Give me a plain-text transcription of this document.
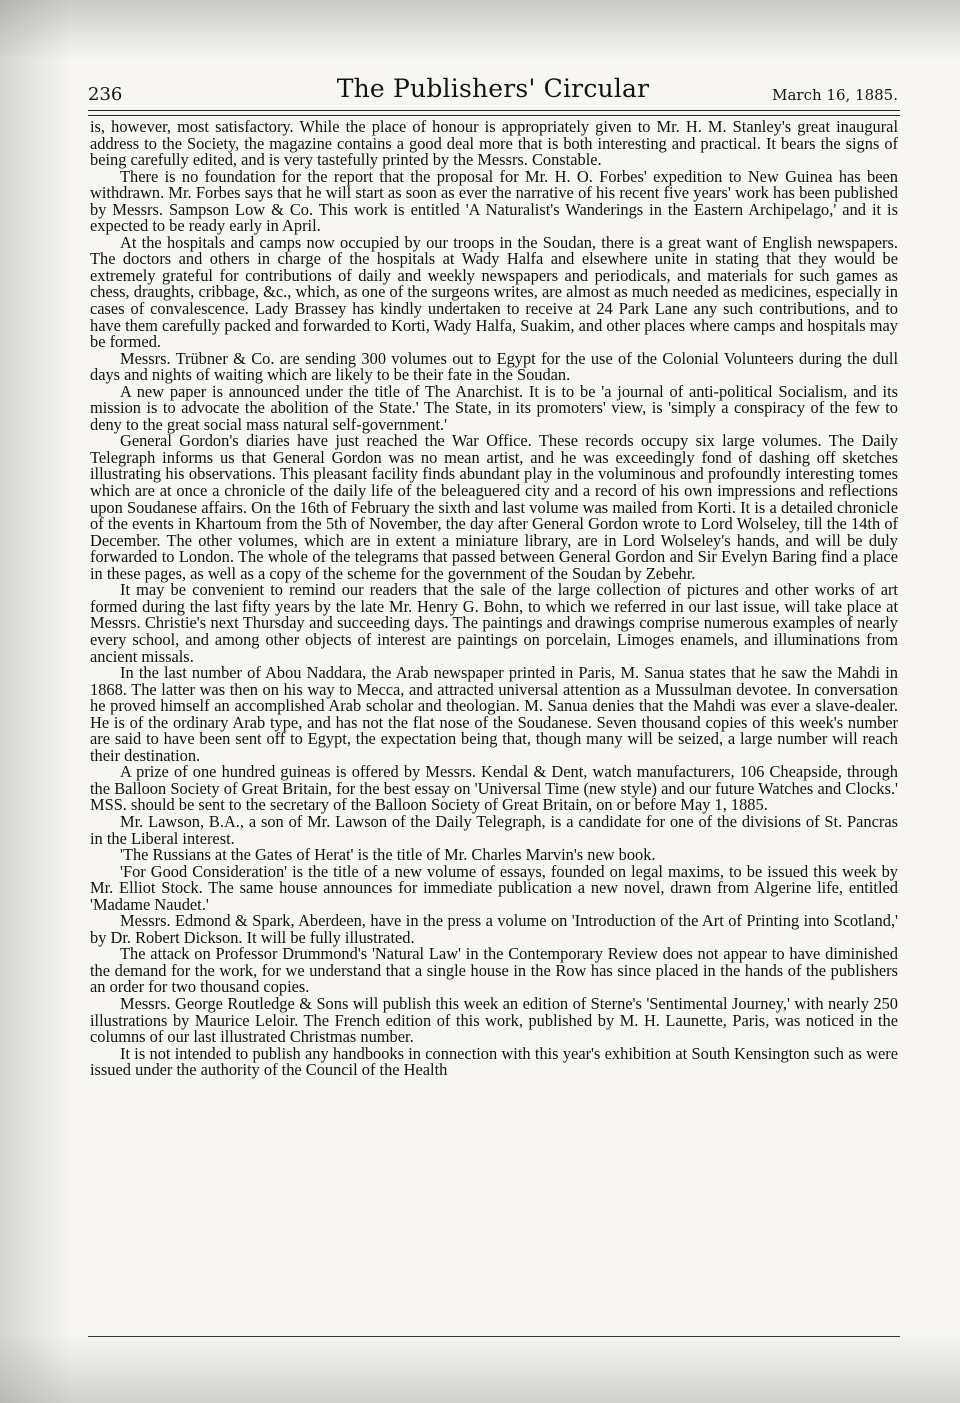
236	The Publishers' Circular	March 16, 1885.

is, however, most satisfactory. While the place of honour is appropriately given to Mr. H. M. Stanley's great inaugural address to the Society, the magazine contains a good deal more that is both interesting and practical. It bears the signs of being carefully edited, and is very tastefully printed by the Messrs. Constable.

There is no foundation for the report that the proposal for Mr. H. O. Forbes' expedition to New Guinea has been withdrawn. Mr. Forbes says that he will start as soon as ever the narrative of his recent five years' work has been published by Messrs. Sampson Low & Co. This work is entitled 'A Naturalist's Wanderings in the Eastern Archipelago,' and it is expected to be ready early in April.

At the hospitals and camps now occupied by our troops in the Soudan, there is a great want of English newspapers. The doctors and others in charge of the hospitals at Wady Halfa and elsewhere unite in stating that they would be extremely grateful for contributions of daily and weekly newspapers and periodicals, and materials for such games as chess, draughts, cribbage, &c., which, as one of the surgeons writes, are almost as much needed as medicines, especially in cases of convalescence. Lady Brassey has kindly undertaken to receive at 24 Park Lane any such contributions, and to have them carefully packed and forwarded to Korti, Wady Halfa, Suakim, and other places where camps and hospitals may be formed.

Messrs. Trübner & Co. are sending 300 volumes out to Egypt for the use of the Colonial Volunteers during the dull days and nights of waiting which are likely to be their fate in the Soudan.

A new paper is announced under the title of The Anarchist. It is to be 'a journal of anti-political Socialism, and its mission is to advocate the abolition of the State.' The State, in its promoters' view, is 'simply a conspiracy of the few to deny to the great social mass natural self-government.'

General Gordon's diaries have just reached the War Office. These records occupy six large volumes. The Daily Telegraph informs us that General Gordon was no mean artist, and he was exceedingly fond of dashing off sketches illustrating his observations. This pleasant facility finds abundant play in the voluminous and profoundly interesting tomes which are at once a chronicle of the daily life of the beleaguered city and a record of his own impressions and reflections upon Soudanese affairs. On the 16th of February the sixth and last volume was mailed from Korti. It is a detailed chronicle of the events in Khartoum from the 5th of November, the day after General Gordon wrote to Lord Wolseley, till the 14th of December. The other volumes, which are in extent a miniature library, are in Lord Wolseley's hands, and will be duly forwarded to London. The whole of the telegrams that passed between General Gordon and Sir Evelyn Baring find a place in these pages, as well as a copy of the scheme for the government of the Soudan by Zebehr.

It may be convenient to remind our readers that the sale of the large collection of pictures and other works of art formed during the last fifty years by the late Mr. Henry G. Bohn, to which we referred in our last issue, will take place at Messrs. Christie's next Thursday and succeeding days. The paintings and drawings comprise numerous examples of nearly every school, and among other objects of interest are paintings on porcelain, Limoges enamels, and illuminations from ancient missals.

In the last number of Abou Naddara, the Arab newspaper printed in Paris, M. Sanua states that he saw the Mahdi in 1868. The latter was then on his way to Mecca, and attracted universal attention as a Mussulman devotee. In conversation he proved himself an accomplished Arab scholar and theologian. M. Sanua denies that the Mahdi was ever a slave-dealer. He is of the ordinary Arab type, and has not the flat nose of the Soudanese. Seven thousand copies of this week's number are said to have been sent off to Egypt, the expectation being that, though many will be seized, a large number will reach their destination.

A prize of one hundred guineas is offered by Messrs. Kendal & Dent, watch manufacturers, 106 Cheapside, through the Balloon Society of Great Britain, for the best essay on 'Universal Time (new style) and our future Watches and Clocks.' MSS. should be sent to the secretary of the Balloon Society of Great Britain, on or before May 1, 1885.

Mr. Lawson, B.A., a son of Mr. Lawson of the Daily Telegraph, is a candidate for one of the divisions of St. Pancras in the Liberal interest.

'The Russians at the Gates of Herat' is the title of Mr. Charles Marvin's new book.

'For Good Consideration' is the title of a new volume of essays, founded on legal maxims, to be issued this week by Mr. Elliot Stock. The same house announces for immediate publication a new novel, drawn from Algerine life, entitled 'Madame Naudet.'

Messrs. Edmond & Spark, Aberdeen, have in the press a volume on 'Introduction of the Art of Printing into Scotland,' by Dr. Robert Dickson. It will be fully illustrated.

The attack on Professor Drummond's 'Natural Law' in the Contemporary Review does not appear to have diminished the demand for the work, for we understand that a single house in the Row has since placed in the hands of the publishers an order for two thousand copies.

Messrs. George Routledge & Sons will publish this week an edition of Sterne's 'Sentimental Journey,' with nearly 250 illustrations by Maurice Leloir. The French edition of this work, published by M. H. Launette, Paris, was noticed in the columns of our last illustrated Christmas number.

It is not intended to publish any handbooks in connection with this year's exhibition at South Kensington such as were issued under the authority of the Council of the Health
